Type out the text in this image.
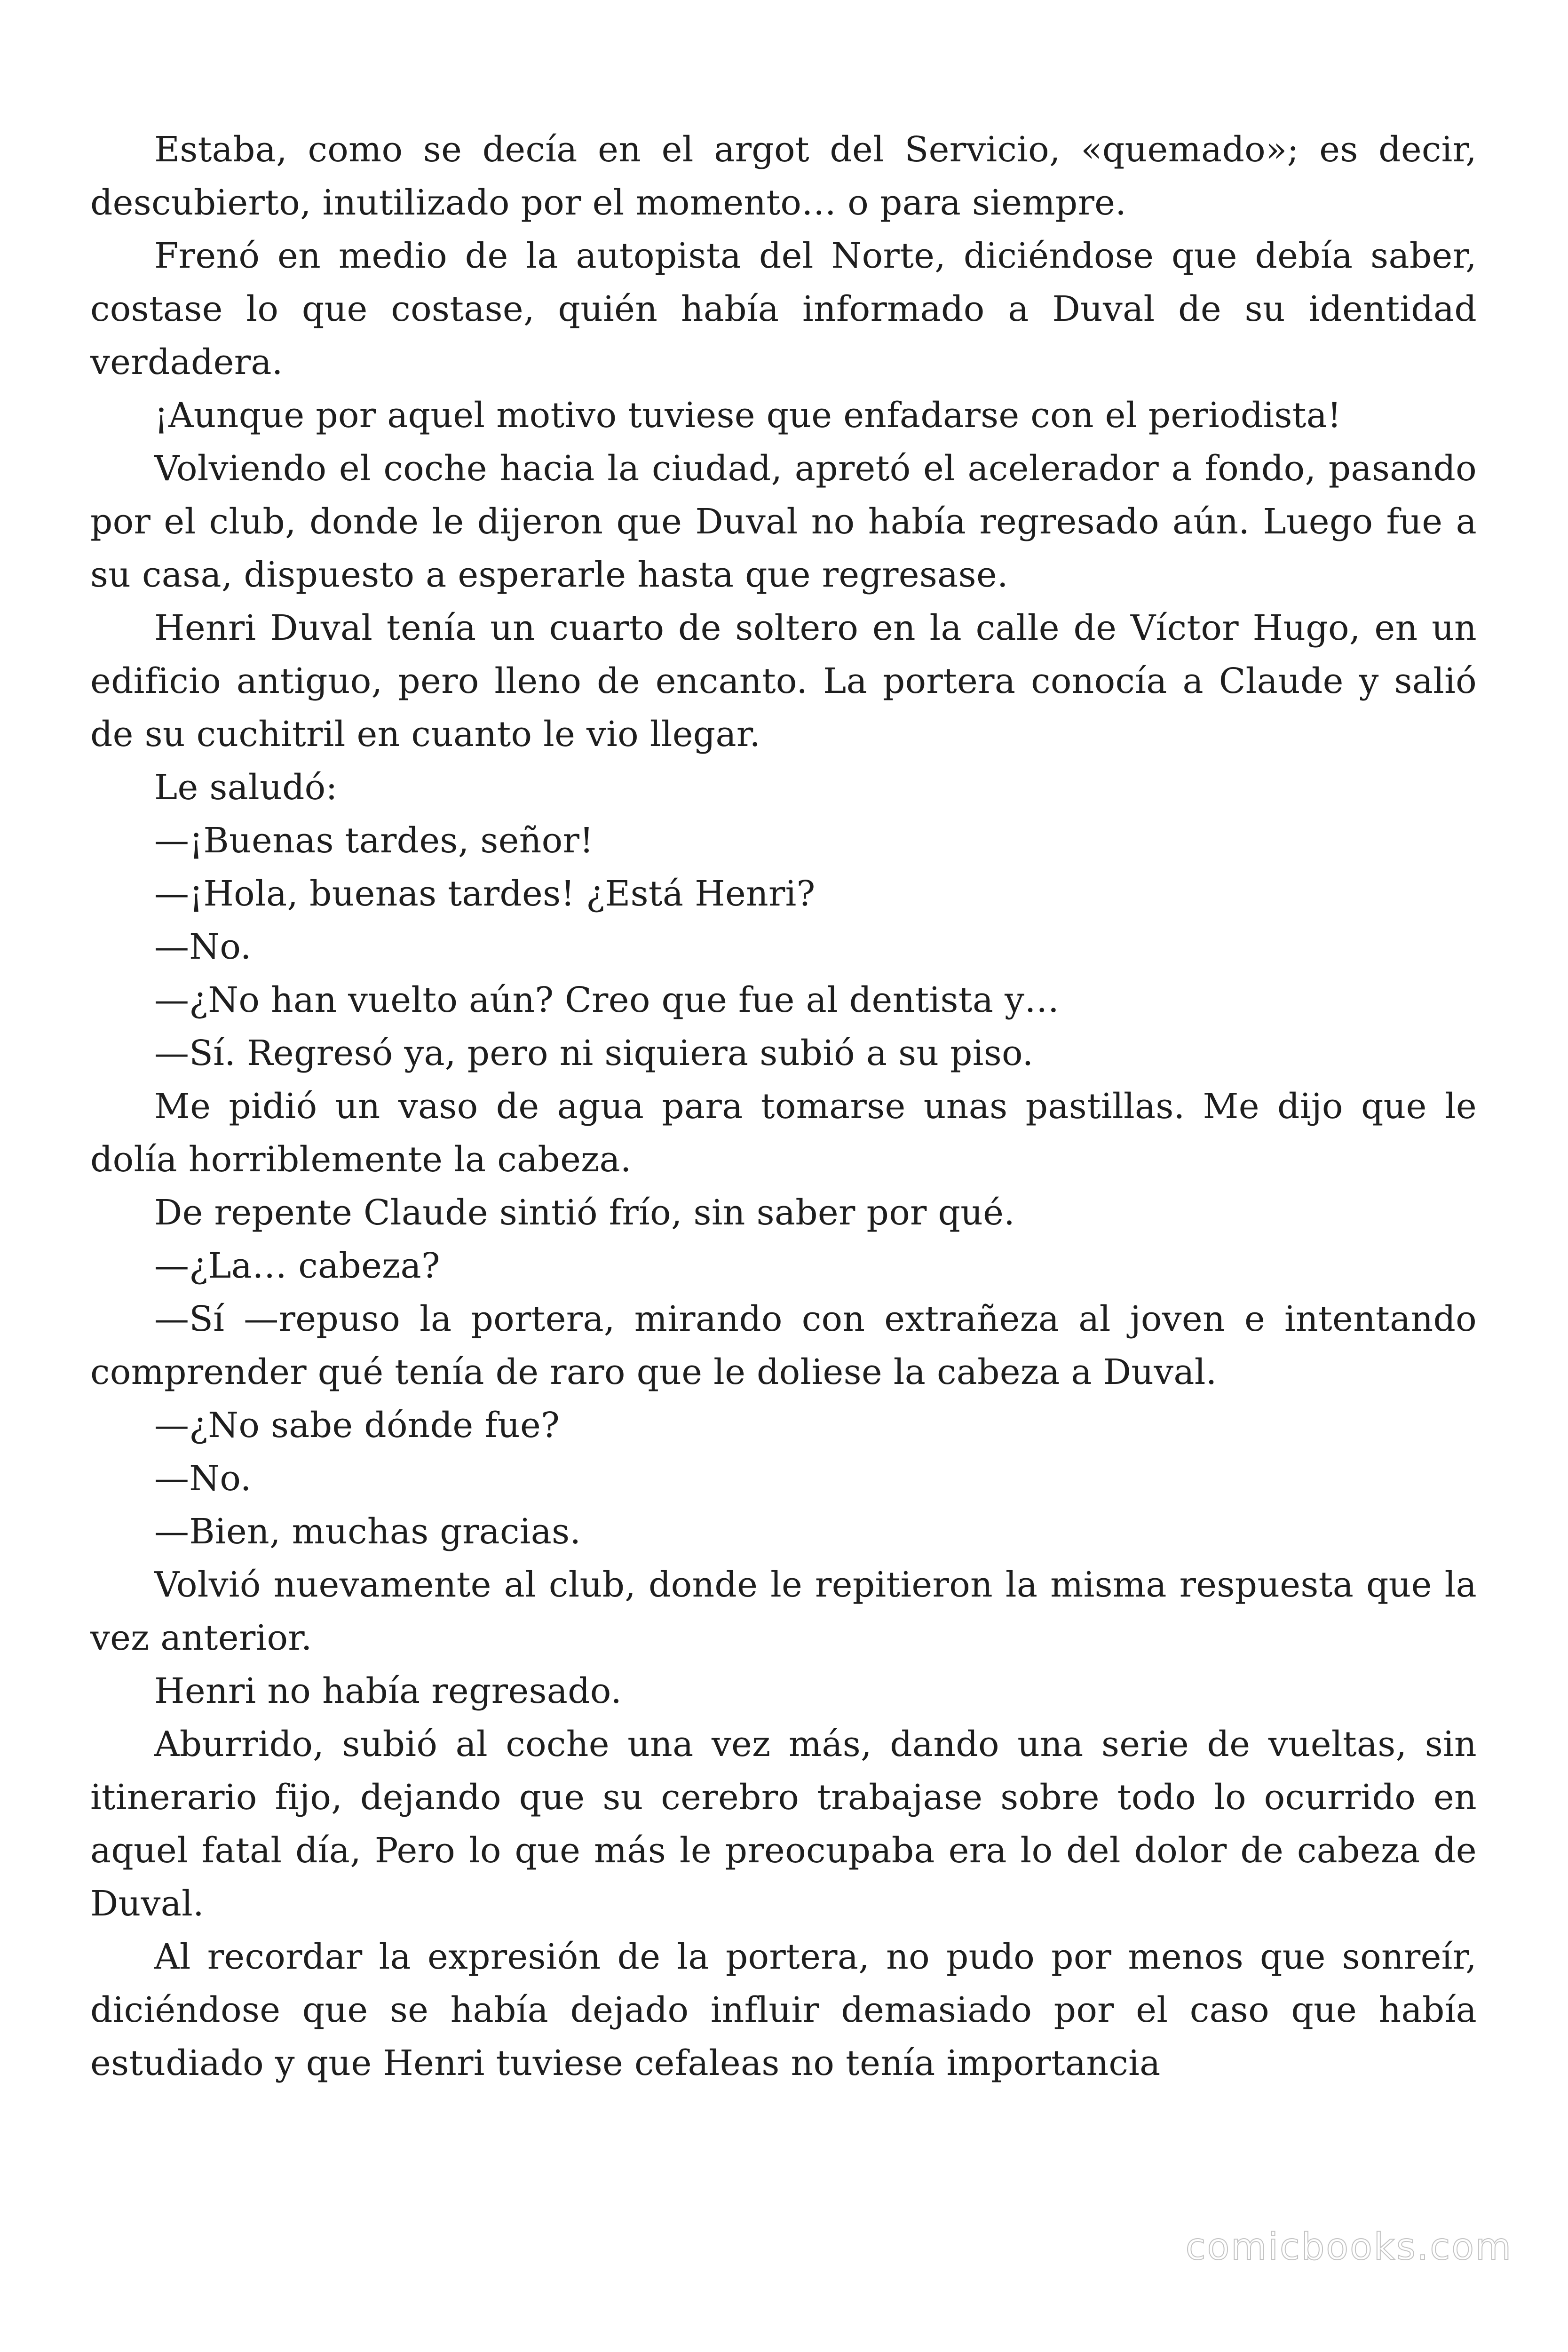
Estaba, como se decía en el argot del Servicio, «quemado»; es decir, descubierto, inutilizado por el momento… o para siempre.

Frenó en medio de la autopista del Norte, diciéndose que debía saber, costase lo que costase, quién había informado a Duval de su identidad verdadera.

¡Aunque por aquel motivo tuviese que enfadarse con el periodista!

Volviendo el coche hacia la ciudad, apretó el acelerador a fondo, pasando por el club, donde le dijeron que Duval no había regresado aún. Luego fue a su casa, dispuesto a esperarle hasta que regresase.

Henri Duval tenía un cuarto de soltero en la calle de Víctor Hugo, en un edificio antiguo, pero lleno de encanto. La portera conocía a Claude y salió de su cuchitril en cuanto le vio llegar.

Le saludó:

—¡Buenas tardes, señor!

—¡Hola, buenas tardes! ¿Está Henri?

—No.

—¿No han vuelto aún? Creo que fue al dentista y…

—Sí. Regresó ya, pero ni siquiera subió a su piso.

Me pidió un vaso de agua para tomarse unas pastillas. Me dijo que le dolía horriblemente la cabeza.

De repente Claude sintió frío, sin saber por qué.

—¿La… cabeza?

—Sí —repuso la portera, mirando con extrañeza al joven e intentando comprender qué tenía de raro que le doliese la cabeza a Duval.

—¿No sabe dónde fue?

—No.

—Bien, muchas gracias.

Volvió nuevamente al club, donde le repitieron la misma respuesta que la vez anterior.

Henri no había regresado.

Aburrido, subió al coche una vez más, dando una serie de vueltas, sin itinerario fijo, dejando que su cerebro trabajase sobre todo lo ocurrido en aquel fatal día, Pero lo que más le preocupaba era lo del dolor de cabeza de Duval.

Al recordar la expresión de la portera, no pudo por menos que sonreír, diciéndose que se había dejado influir demasiado por el caso que había estudiado y que Henri tuviese cefaleas no tenía importancia

comicbooks.com
